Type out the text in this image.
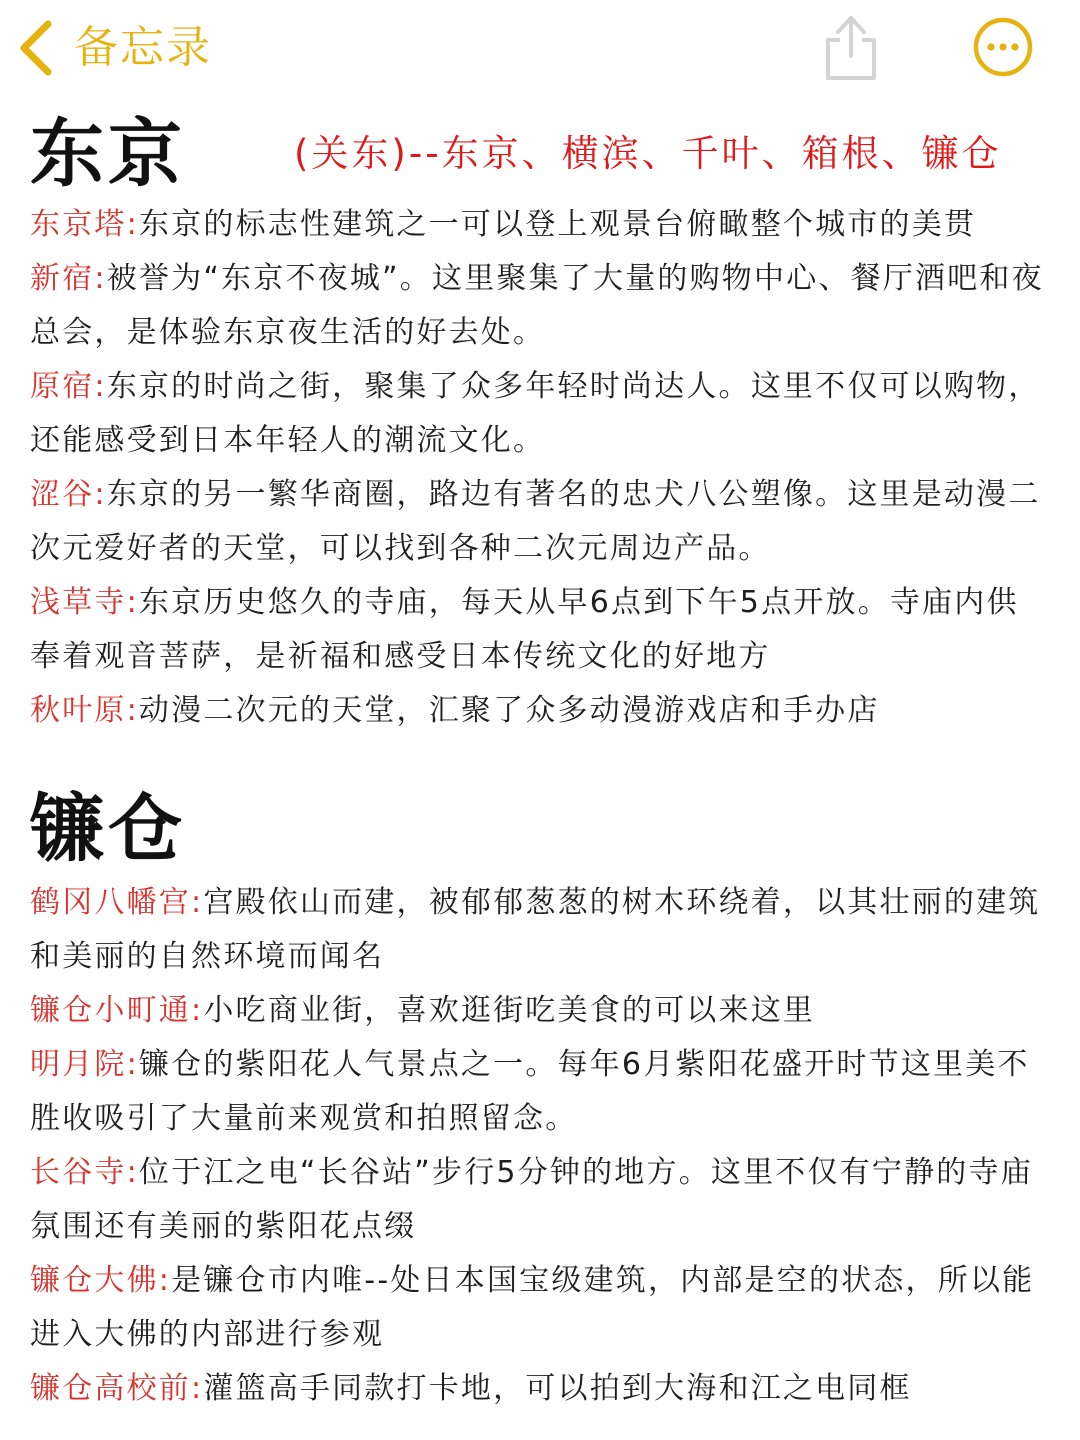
备忘录
东京	(关东)--东京、横滨、千叶、箱根、镰仓

东京塔:东京的标志性建筑之一可以登上观景台俯瞰整个城市的美贯

新宿:被誉为“东京不夜城”。这里聚集了大量的购物中心、餐厅酒吧和夜总会，是体验东京夜生活的好去处。

原宿:东京的时尚之街，聚集了众多年轻时尚达人。这里不仅可以购物，还能感受到日本年轻人的潮流文化。

涩谷:东京的另一繁华商圈，路边有著名的忠犬八公塑像。这里是动漫二次元爱好者的天堂，可以找到各种二次元周边产品。

浅草寺:东京历史悠久的寺庙，每天从早6点到下午5点开放。寺庙内供奉着观音菩萨，是祈福和感受日本传统文化的好地方

秋叶原:动漫二次元的天堂，汇聚了众多动漫游戏店和手办店

镰仓

鹤冈八幡宫:宫殿依山而建，被郁郁葱葱的树木环绕着，以其壮丽的建筑和美丽的自然环境而闻名

镰仓小町通:小吃商业街，喜欢逛街吃美食的可以来这里

明月院:镰仓的紫阳花人气景点之一。每年6月紫阳花盛开时节这里美不胜收吸引了大量前来观赏和拍照留念。

长谷寺:位于江之电“长谷站”步行5分钟的地方。这里不仅有宁静的寺庙氛围还有美丽的紫阳花点缀

镰仓大佛:是镰仓市内唯--处日本国宝级建筑，内部是空的状态，所以能进入大佛的内部进行参观

镰仓高校前:灌篮高手同款打卡地，可以拍到大海和江之电同框
